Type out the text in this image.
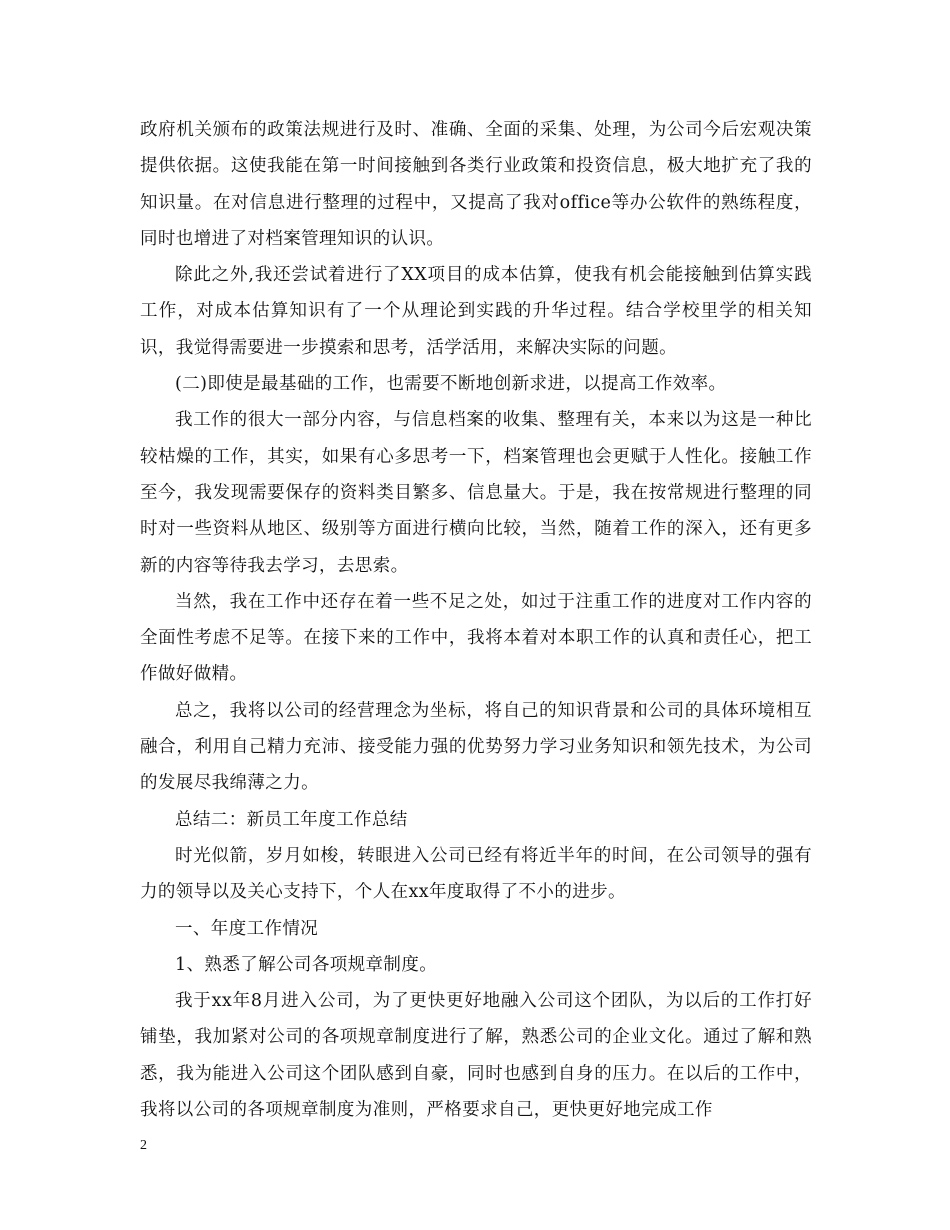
政府机关颁布的政策法规进行及时、准确、全面的采集、处理，为公司今后宏观决策提供依据。这使我能在第一时间接触到各类行业政策和投资信息，极大地扩充了我的知识量。在对信息进行整理的过程中，又提高了我对office等办公软件的熟练程度，同时也增进了对档案管理知识的认识。

除此之外,我还尝试着进行了XX项目的成本估算，使我有机会能接触到估算实践工作，对成本估算知识有了一个从理论到实践的升华过程。结合学校里学的相关知识，我觉得需要进一步摸索和思考，活学活用，来解决实际的问题。

(二)即使是最基础的工作，也需要不断地创新求进，以提高工作效率。

我工作的很大一部分内容，与信息档案的收集、整理有关，本来以为这是一种比较枯燥的工作，其实，如果有心多思考一下，档案管理也会更赋于人性化。接触工作至今，我发现需要保存的资料类目繁多、信息量大。于是，我在按常规进行整理的同时对一些资料从地区、级别等方面进行横向比较，当然，随着工作的深入，还有更多新的内容等待我去学习，去思索。

当然，我在工作中还存在着一些不足之处，如过于注重工作的进度对工作内容的全面性考虑不足等。在接下来的工作中，我将本着对本职工作的认真和责任心，把工作做好做精。

总之，我将以公司的经营理念为坐标，将自己的知识背景和公司的具体环境相互融合，利用自己精力充沛、接受能力强的优势努力学习业务知识和领先技术，为公司的发展尽我绵薄之力。

总结二：新员工年度工作总结

时光似箭，岁月如梭，转眼进入公司已经有将近半年的时间，在公司领导的强有力的领导以及关心支持下，个人在xx年度取得了不小的进步。

一、年度工作情况

1、熟悉了解公司各项规章制度。

我于xx年8月进入公司，为了更快更好地融入公司这个团队，为以后的工作打好铺垫，我加紧对公司的各项规章制度进行了解，熟悉公司的企业文化。通过了解和熟悉，我为能进入公司这个团队感到自豪，同时也感到自身的压力。在以后的工作中，我将以公司的各项规章制度为准则，严格要求自己，更快更好地完成工作

2
